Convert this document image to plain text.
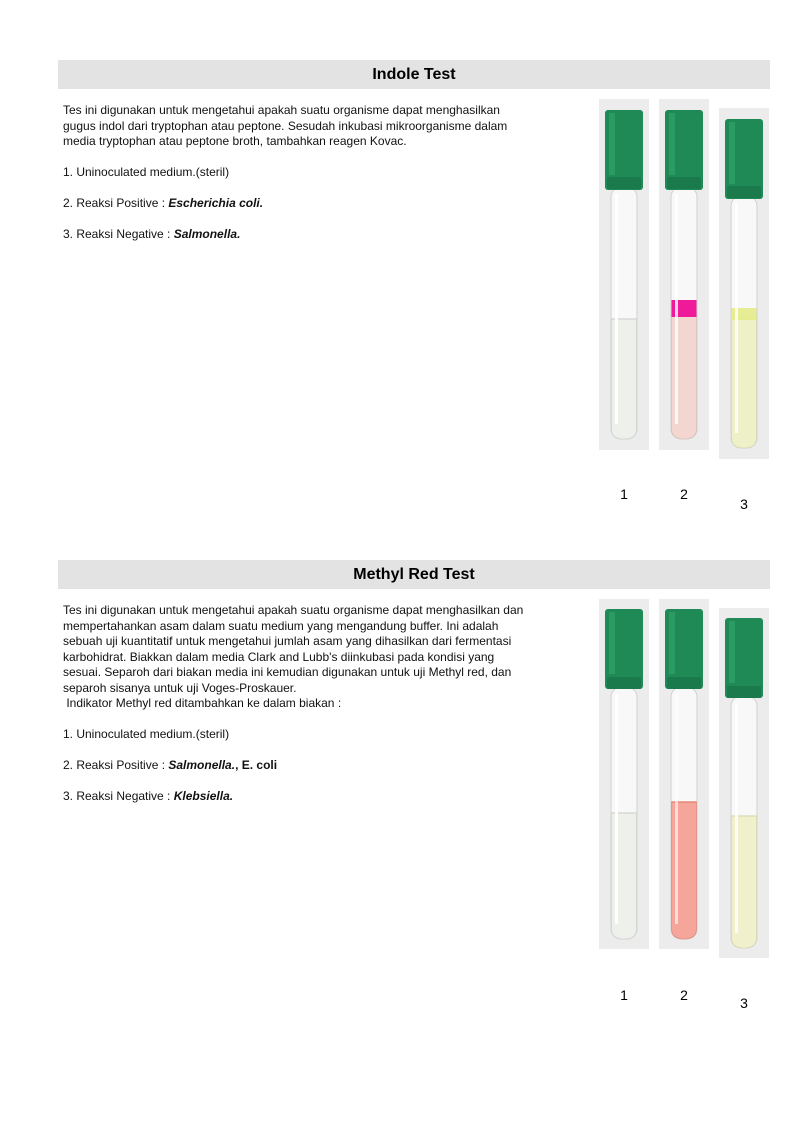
Indole Test

Tes ini digunakan untuk mengetahui apakah suatu organisme dapat menghasilkan

gugus indol dari tryptophan atau peptone. Sesudah inkubasi mikroorganisme dalam

media tryptophan atau peptone broth, tambahkan reagen Kovac.

1. Uninoculated medium.(steril)

2. Reaksi Positive : Escherichia coli.

3. Reaksi Negative : Salmonella.

1	2
3
Methyl Red Test

Tes ini digunakan untuk mengetahui apakah suatu organisme dapat menghasilkan dan

mempertahankan asam dalam suatu medium yang mengandung buffer. Ini adalah

sebuah uji kuantitatif untuk mengetahui jumlah asam yang dihasilkan dari fermentasi

karbohidrat. Biakkan dalam media Clark and Lubb's diinkubasi pada kondisi yang

sesuai. Separoh dari biakan media ini kemudian digunakan untuk uji Methyl red, dan

separoh sisanya untuk uji Voges-Proskauer.

Indikator Methyl red ditambahkan ke dalam biakan :

1. Uninoculated medium.(steril)

2. Reaksi Positive : Salmonella., E. coli

3. Reaksi Negative : Klebsiella.

1	2	3
